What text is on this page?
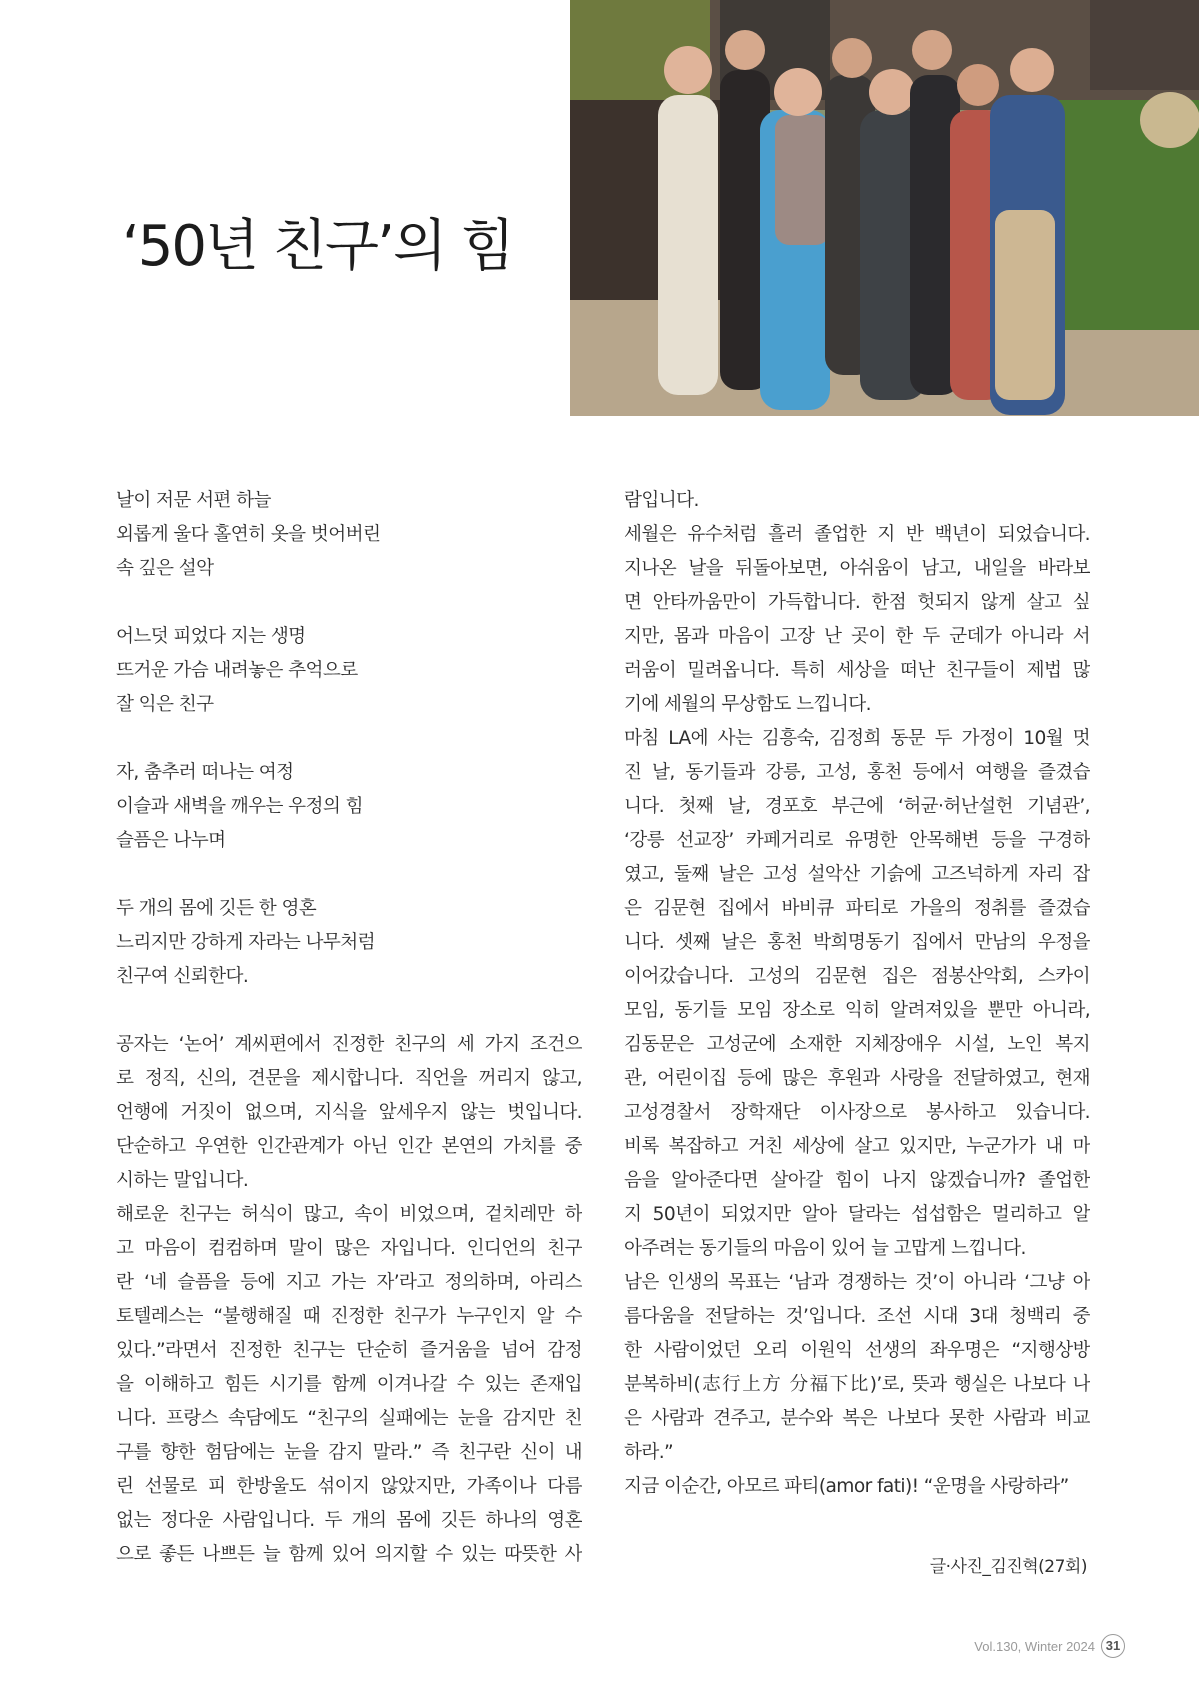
‘50년 친구’의 힘

날이 저문 서편 하늘

외롭게 울다 홀연히 옷을 벗어버린

속 깊은 설악

어느덧 피었다 지는 생명

뜨거운 가슴 내려놓은 추억으로

잘 익은 친구

자, 춤추러 떠나는 여정

이슬과 새벽을 깨우는 우정의 힘

슬픔은 나누며

두 개의 몸에 깃든 한 영혼

느리지만 강하게 자라는 나무처럼

친구여 신뢰한다.

공자는 ‘논어’ 계씨편에서 진정한 친구의 세 가지 조건으

로 정직, 신의, 견문을 제시합니다. 직언을 꺼리지 않고,

언행에 거짓이 없으며, 지식을 앞세우지 않는 벗입니다.

단순하고 우연한 인간관계가 아닌 인간 본연의 가치를 중

시하는 말입니다.

해로운 친구는 허식이 많고, 속이 비었으며, 겉치레만 하

고 마음이 컴컴하며 말이 많은 자입니다. 인디언의 친구

란 ‘네 슬픔을 등에 지고 가는 자’라고 정의하며, 아리스

토텔레스는 “불행해질 때 진정한 친구가 누구인지 알 수

있다.”라면서 진정한 친구는 단순히 즐거움을 넘어 감정

을 이해하고 힘든 시기를 함께 이겨나갈 수 있는 존재입

니다. 프랑스 속담에도 “친구의 실패에는 눈을 감지만 친

구를 향한 험담에는 눈을 감지 말라.” 즉 친구란 신이 내

린 선물로 피 한방울도 섞이지 않았지만, 가족이나 다름

없는 정다운 사람입니다. 두 개의 몸에 깃든 하나의 영혼

으로 좋든 나쁘든 늘 함께 있어 의지할 수 있는 따뜻한 사

람입니다.

세월은 유수처럼 흘러 졸업한 지 반 백년이 되었습니다.

지나온 날을 뒤돌아보면, 아쉬움이 남고, 내일을 바라보

면 안타까움만이 가득합니다. 한점 헛되지 않게 살고 싶

지만, 몸과 마음이 고장 난 곳이 한 두 군데가 아니라 서

러움이 밀려옵니다. 특히 세상을 떠난 친구들이 제법 많

기에 세월의 무상함도 느낍니다.

마침 LA에 사는 김흥숙, 김정희 동문 두 가정이 10월 멋

진 날, 동기들과 강릉, 고성, 홍천 등에서 여행을 즐겼습

니다. 첫째 날, 경포호 부근에 ‘허균·허난설헌 기념관’,

‘강릉 선교장’ 카페거리로 유명한 안목해변 등을 구경하

였고, 둘째 날은 고성 설악산 기슭에 고즈넉하게 자리 잡

은 김문현 집에서 바비큐 파티로 가을의 정취를 즐겼습

니다. 셋째 날은 홍천 박희명동기 집에서 만남의 우정을

이어갔습니다. 고성의 김문현 집은 점봉산악회, 스카이

모임, 동기들 모임 장소로 익히 알려져있을 뿐만 아니라,

김동문은 고성군에 소재한 지체장애우 시설, 노인 복지

관, 어린이집 등에 많은 후원과 사랑을 전달하였고, 현재

고성경찰서 장학재단 이사장으로 봉사하고 있습니다.

비록 복잡하고 거친 세상에 살고 있지만, 누군가가 내 마

음을 알아준다면 살아갈 힘이 나지 않겠습니까? 졸업한

지 50년이 되었지만 알아 달라는 섭섭함은 멀리하고 알

아주려는 동기들의 마음이 있어 늘 고맙게 느낍니다.

남은 인생의 목표는 ‘남과 경쟁하는 것’이 아니라 ‘그냥 아

름다움을 전달하는 것’입니다. 조선 시대 3대 청백리 중

한 사람이었던 오리 이원익 선생의 좌우명은 “지행상방

분복하비(志行上方 分福下比)’로, 뜻과 행실은 나보다 나

은 사람과 견주고, 분수와 복은 나보다 못한 사람과 비교

하라.”

지금 이순간, 아모르 파티(amor fati)! “운명을 사랑하라”

글·사진_김진혁(27회)
Vol.130, Winter 2024 31
